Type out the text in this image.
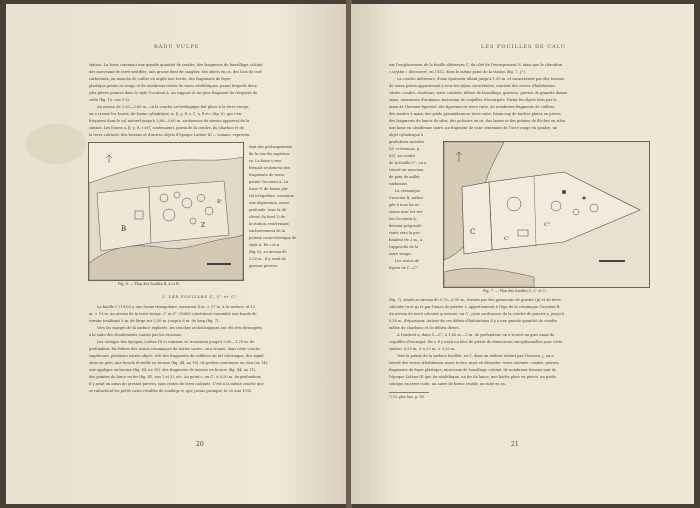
RADU VULPE

station. La fosse contenait une grande quantité de cendre, des fragments de bousillage calciné,

des morceaux de terre sextifiée, une grosse dent de sanglier, des objets en os, des bois de cerf

carbonisés, un manche de cuiller en argile non écrite, des fragments de foyer

plastique peints en rouge et de nombreux restes de vases néolithiques, parmi lesquels deux

jolis pièces peintes dans le style Cucuteni A, un support et un gros fragment de récipient de

culte (fig. 13, nos 1-2).

Au niveau de 2,20—2,60 m., où la couche archéologique fait place à la terre vierge,

on a creusé les fosses, de forme cylindrique, α, β, γ, δ, ε, ζ, η, θ et ι (fig. 6), qui s'en-

fonçaient dans le sol naturel jusqu'à 2,60—3,60 m. au-dessous du niveau apparent de la

station. Les fosses α, β, γ, δ, ε et ζ contenaient, parmi de la cendre, du charbon et de

la terre calcinée, des tessons et d'autres objets d'époque Latène III — somme, représen-

B	Z
B'

tant des prolongements

de la couche supérieu-

re. La fosse η ren-

fermait seulement des

fragments de vases

peints Cucuteni A. La

fosse θ, de forme plu-

tôt irrégulière, constitue

une dépression, assez

profonde, sous la dé-

clivité du bord O de

la station, renfermant

exclusivement de la

poterie caractéristique de

style A. En ι et κ

(fig. 6), au niveau de

2,25 m., il y avait de

grosses pierres.

Fig. 6. — Plan des fouilles B, à et B'.
3. LES FOUILLES C, C' et C''

La fouille C (1935) a une forme triangulaire, mesurant 4 m. × 17 m. à la surface, et 12

m. × 13 m. au niveau de la terre vierge. C' et C'' (1940) constituent ensemble une bande de

terrain totalisant 3 m. de large sur 5,50 m. jusqu'à 8 m. de long (fig. 7).

Vers les marges de la surface explorée, les couches archéologiques ont été très dérangées,

à la suite des éboulements causés par les érosions.

Les vestiges des époques Latène III et romaine se trouvaient jusqu'à 0,80—1,20 m. de

profondeur. En dehors des restes céramiques de toutes sortes, on a trouvé, dans cette couche

supérieure, plusieurs autres objets, tels des fragments de cuillères en tuf volcanique, des aiguil-

aires en grès, une boucle d'oreille en bronze (fig. 44, no 18), de petites couronnes en clou (no 14),

une applique en bronze (fig. 44, no 16), des fragments de miroirs en bronze (fig. 44, no 11),

des pointes de lance en fer (fig. 41, nos 1 et 3), etc. Au point c, en C', à 0,50 m. de profondeur,

il y avait un amas de grosses pierres, sans restes de terre calcinée. C'est à la même couche que

se rattachent les petits vases résultés du sondage w, que j'avais pratiqué, le 20 mai 1935,

20
LES FOUILLES DE CALU

sur l'emplacement de la fouille ultérieure C, du côté de l'escarpement N, ainsi que le chaudron

« scythe » découvert, en 1932, dans le même point de la station (fig. 7, γ¹).

La couche inférieure, d'une épaisseur allant jusqu'à 1,50 m. et caractérisée par des tessons

de vases peints appartenant à tous les styles cucuténiens, contient des restes d'habitations

variés: cendre, charbons, terre calcinée, débris de bousillage, graviers, pierres de grandes dimen-

sions, ossements d'animaux, beaucoup de coquilles d'escargots. Parmi les objets faits par la

main de l'homme figurent: des figurines en terre cuite, de nombreux fragments de cuillers,

des meules à main, des poids pyramidaux en terre cuite, beaucoup de haches plates en pierre,

des fragments de lames de silex, des polisoirs en os, des lames et des pointes de flèches en silex,

une lame en obsidienne noire, un fragment de vase contenant de l'ocre rouge en poudre, un

objet cylindrique à

gradations incisées

(cf. ci-dessous, p.

63). Au centre

de la fouille C'', on a

trouvé un morceau

de pain de millet

carbonisé.

La céramique

Cucuteni B, mélan-

gée à tous les ni-

veaux avec les res-

tes Cucuteni A,

devient prépondé-

rante vers la pro-

fondeur de 2 m., à

l'approche de la

terre vierge.

Les restes de

foyers de C—C''

C
C'
C''
Fig. 7. — Plan des fouilles C, C' et C''.

(fig. 7), situés au niveau de 0,70—0,95 m., formés par des gisements de gravier (p) et de terre

calcinée (π et φ) et par l'amas de pierres τ, appartiennent à l'âge de la céramique Cucuteni B.

Au niveau de terre calcinée φ mesure, en C', juste au-dessous de la couche de gravier ρ, jusqu'à

0,50 m. d'épaisseur. Autour de ces débris d'habitations il y a une grande quantité de cendre

mêlée de charbons et de débris divers.

A l'endroit u, dans C—C'', à 1,80 m.—2 m. de profondeur, on a trouvé un gros amas de

coquilles d'escargot. En v, il y avait un bloc de pierre de dimensions exceptionnelles pour cette

station: 0,55 m. × 0,25 m. × 0,20 m.

Vers la pointe de la surface fouillée, en C, dans un endroit atteint par l'érosion, j, on a

trouvé des restes d'habitation assez riches, mais en désordre: terre calcinée, cendre, pierres,

fragments de foyer plastique, morceaux de bousillage calciné, de nombreux tessons tant de

l'époque Latène III que du néolithique, un fer de lance, une hache plate en pierre, un poids

conique en terre cuite, un autre de forme ovoïde, un tube en os.

¹) Cf. plus bas, p. 58.
21
